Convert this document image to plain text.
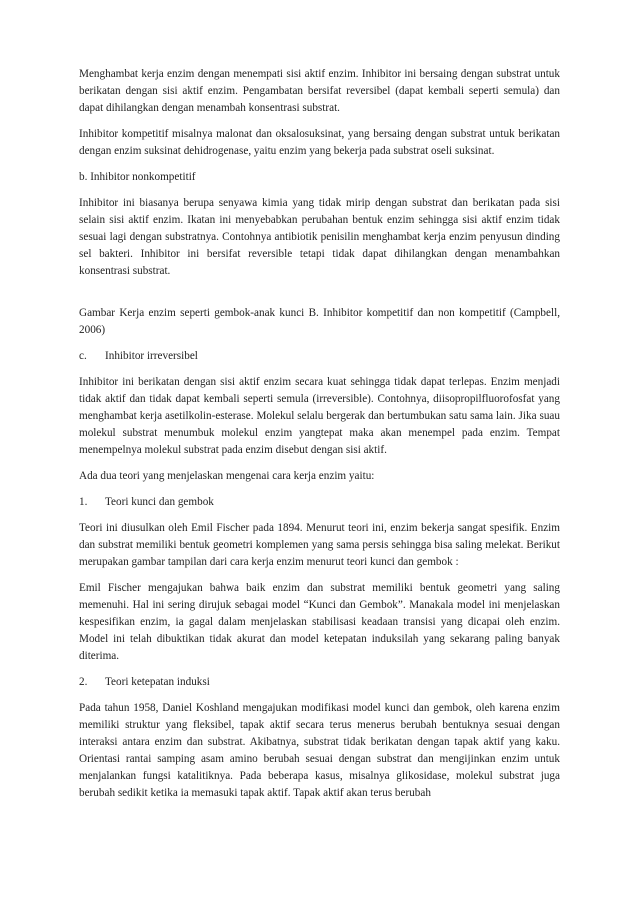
Menghambat kerja enzim dengan menempati sisi aktif enzim. Inhibitor ini bersaing dengan substrat untuk berikatan dengan sisi aktif enzim. Pengambatan bersifat reversibel (dapat kembali seperti semula) dan dapat dihilangkan dengan menambah konsentrasi substrat.

Inhibitor kompetitif misalnya malonat dan oksalosuksinat, yang bersaing dengan substrat untuk berikatan dengan enzim suksinat dehidrogenase, yaitu enzim yang bekerja pada substrat oseli suksinat.

b. Inhibitor nonkompetitif

Inhibitor ini biasanya berupa senyawa kimia yang tidak mirip dengan substrat dan berikatan pada sisi selain sisi aktif enzim. Ikatan ini menyebabkan perubahan bentuk enzim sehingga sisi aktif enzim tidak sesuai lagi dengan substratnya. Contohnya antibiotik penisilin menghambat kerja enzim penyusun dinding sel bakteri. Inhibitor ini bersifat reversible tetapi tidak dapat dihilangkan dengan menambahkan konsentrasi substrat.

Gambar Kerja enzim seperti gembok-anak kunci B. Inhibitor kompetitif dan non kompetitif (Campbell, 2006)

c.	Inhibitor irreversibel

Inhibitor ini berikatan dengan sisi aktif enzim secara kuat sehingga tidak dapat terlepas. Enzim menjadi tidak aktif dan tidak dapat kembali seperti semula (irreversible). Contohnya, diisopropilfluorofosfat yang menghambat kerja asetilkolin-esterase. Molekul selalu bergerak dan bertumbukan satu sama lain. Jika suau molekul substrat menumbuk molekul enzim yangtepat maka akan menempel pada enzim. Tempat menempelnya molekul substrat pada enzim disebut dengan sisi aktif.

Ada dua teori yang menjelaskan mengenai cara kerja enzim yaitu:

1.	Teori kunci dan gembok

Teori ini diusulkan oleh Emil Fischer pada 1894. Menurut teori ini, enzim bekerja sangat spesifik. Enzim dan substrat memiliki bentuk geometri komplemen yang sama persis sehingga bisa saling melekat. Berikut merupakan gambar tampilan dari cara kerja enzim menurut teori kunci dan gembok :

Emil Fischer mengajukan bahwa baik enzim dan substrat memiliki bentuk geometri yang saling memenuhi. Hal ini sering dirujuk sebagai model “Kunci dan Gembok”. Manakala model ini menjelaskan kespesifikan enzim, ia gagal dalam menjelaskan stabilisasi keadaan transisi yang dicapai oleh enzim. Model ini telah dibuktikan tidak akurat dan model ketepatan induksilah yang sekarang paling banyak diterima.

2.	Teori ketepatan induksi

Pada tahun 1958, Daniel Koshland mengajukan modifikasi model kunci dan gembok, oleh karena enzim memiliki struktur yang fleksibel, tapak aktif secara terus menerus berubah bentuknya sesuai dengan interaksi antara enzim dan substrat. Akibatnya, substrat tidak berikatan dengan tapak aktif yang kaku. Orientasi rantai samping asam amino berubah sesuai dengan substrat dan mengijinkan enzim untuk menjalankan fungsi katalitiknya. Pada beberapa kasus, misalnya glikosidase, molekul substrat juga berubah sedikit ketika ia memasuki tapak aktif. Tapak aktif akan terus berubah
